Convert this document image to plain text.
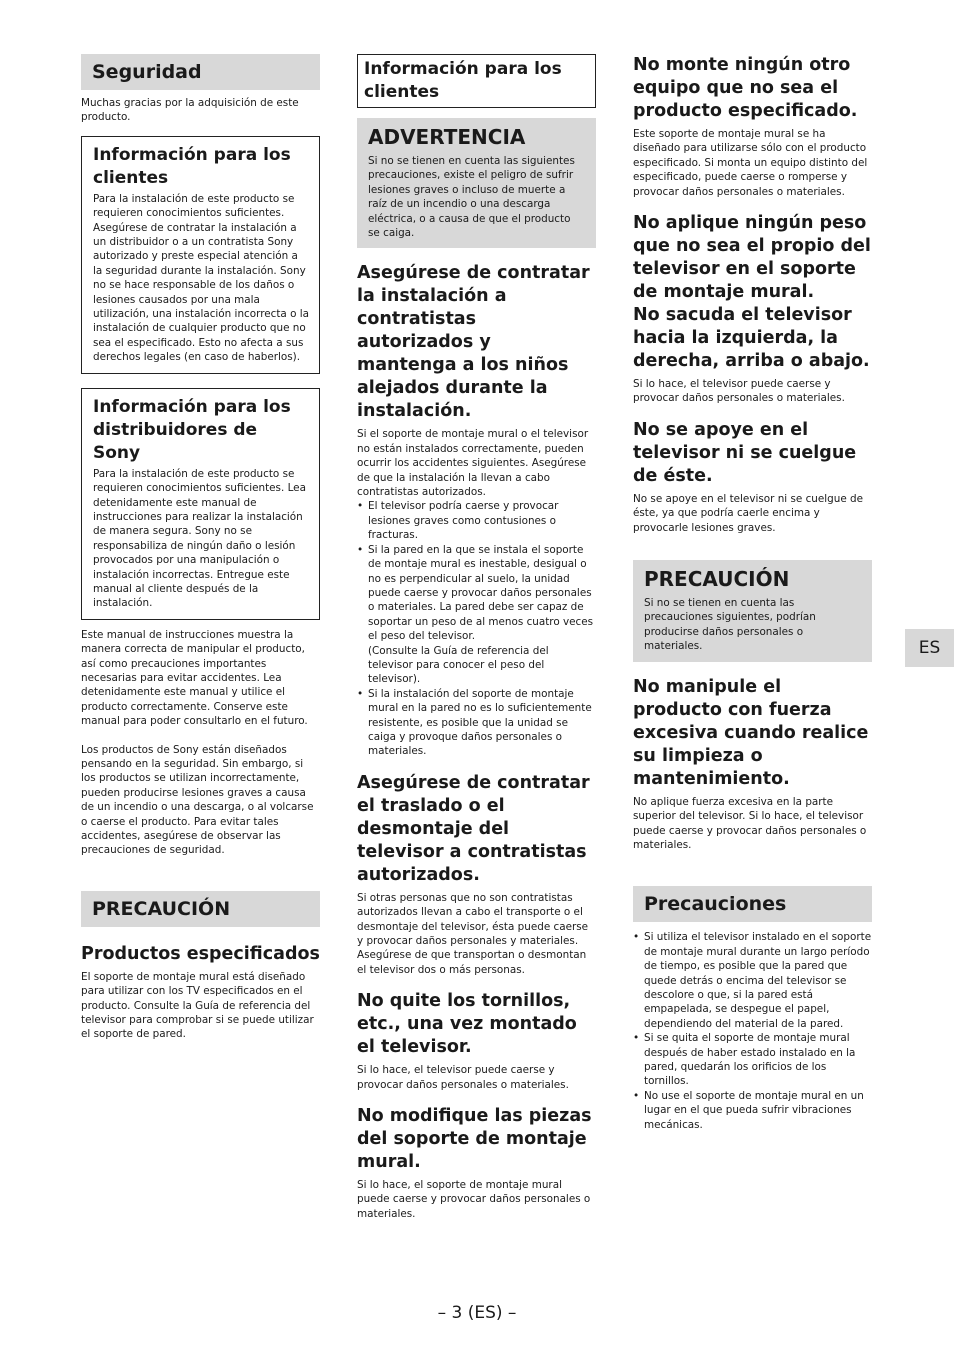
Seguridad

Muchas gracias por la adquisición de este producto.

Información para los clientes

Para la instalación de este producto se requieren conocimientos suficientes. Asegúrese de contratar la instalación a un distribuidor o a un contratista Sony autorizado y preste especial atención a la seguridad durante la instalación. Sony no se hace responsable de los daños o lesiones causados por una mala utilización, una instalación incorrecta o la instalación de cualquier producto que no sea el especificado. Esto no afecta a sus derechos legales (en caso de haberlos).

Información para los distribuidores de Sony

Para la instalación de este producto se requieren conocimientos suficientes. Lea detenidamente este manual de instrucciones para realizar la instalación de manera segura. Sony no se responsabiliza de ningún daño o lesión provocados por una manipulación o instalación incorrectas. Entregue este manual al cliente después de la instalación.

Este manual de instrucciones muestra la manera correcta de manipular el producto, así como precauciones importantes necesarias para evitar accidentes. Lea detenidamente este manual y utilice el producto correctamente. Conserve este manual para poder consultarlo en el futuro.

Los productos de Sony están diseñados pensando en la seguridad. Sin embargo, si los productos se utilizan incorrectamente, pueden producirse lesiones graves a causa de un incendio o una descarga, o al volcarse o caerse el producto. Para evitar tales accidentes, asegúrese de observar las precauciones de seguridad.

PRECAUCIÓN
Productos especificados

El soporte de montaje mural está diseñado para utilizar con los TV especificados en el producto. Consulte la Guía de referencia del televisor para comprobar si se puede utilizar el soporte de pared.

Información para los clientes
ADVERTENCIA

Si no se tienen en cuenta las siguientes precauciones, existe el peligro de sufrir lesiones graves o incluso de muerte a raíz de un incendio o una descarga eléctrica, o a causa de que el producto se caiga.

Asegúrese de contratar la instalación a contratistas autorizados y mantenga a los niños alejados durante la instalación.

Si el soporte de montaje mural o el televisor no están instalados correctamente, pueden ocurrir los accidentes siguientes. Asegúrese de que la instalación la llevan a cabo contratistas autorizados.

• El televisor podría caerse y provocar lesiones graves como contusiones o fracturas.
• Si la pared en la que se instala el soporte de montaje mural es inestable, desigual o no es perpendicular al suelo, la unidad puede caerse y provocar daños personales o materiales. La pared debe ser capaz de soportar un peso de al menos cuatro veces el peso del televisor.
(Consulte la Guía de referencia del televisor para conocer el peso del televisor).
• Si la instalación del soporte de montaje mural en la pared no es lo suficientemente resistente, es posible que la unidad se caiga y provoque daños personales o materiales.
Asegúrese de contratar el traslado o el desmontaje del televisor a contratistas autorizados.

Si otras personas que no son contratistas autorizados llevan a cabo el transporte o el desmontaje del televisor, ésta puede caerse y provocar daños personales y materiales. Asegúrese de que transportan o desmontan el televisor dos o más personas.

No quite los tornillos, etc., una vez montado el televisor.

Si lo hace, el televisor puede caerse y provocar daños personales o materiales.

No modifique las piezas del soporte de montaje mural.

Si lo hace, el soporte de montaje mural puede caerse y provocar daños personales o materiales.

No monte ningún otro equipo que no sea el producto especificado.

Este soporte de montaje mural se ha diseñado para utilizarse sólo con el producto especificado. Si monta un equipo distinto del especificado, puede caerse o romperse y provocar daños personales o materiales.

No aplique ningún peso que no sea el propio del televisor en el soporte de montaje mural.
No sacuda el televisor hacia la izquierda, la derecha, arriba o abajo.

Si lo hace, el televisor puede caerse y provocar daños personales o materiales.

No se apoye en el televisor ni se cuelgue de éste.

No se apoye en el televisor ni se cuelgue de éste, ya que podría caerle encima y provocarle lesiones graves.

PRECAUCIÓN

Si no se tienen en cuenta las precauciones siguientes, podrían producirse daños personales o materiales.

No manipule el producto con fuerza excesiva cuando realice su limpieza o mantenimiento.

No aplique fuerza excesiva en la parte superior del televisor. Si lo hace, el televisor puede caerse y provocar daños personales o materiales.

Precauciones
• Si utiliza el televisor instalado en el soporte de montaje mural durante un largo período de tiempo, es posible que la pared que quede detrás o encima del televisor se descolore o que, si la pared está empapelada, se despegue el papel, dependiendo del material de la pared.
• Si se quita el soporte de montaje mural después de haber estado instalado en la pared, quedarán los orificios de los tornillos.
• No use el soporte de montaje mural en un lugar en el que pueda sufrir vibraciones mecánicas.
ES
– 3 (ES) –
